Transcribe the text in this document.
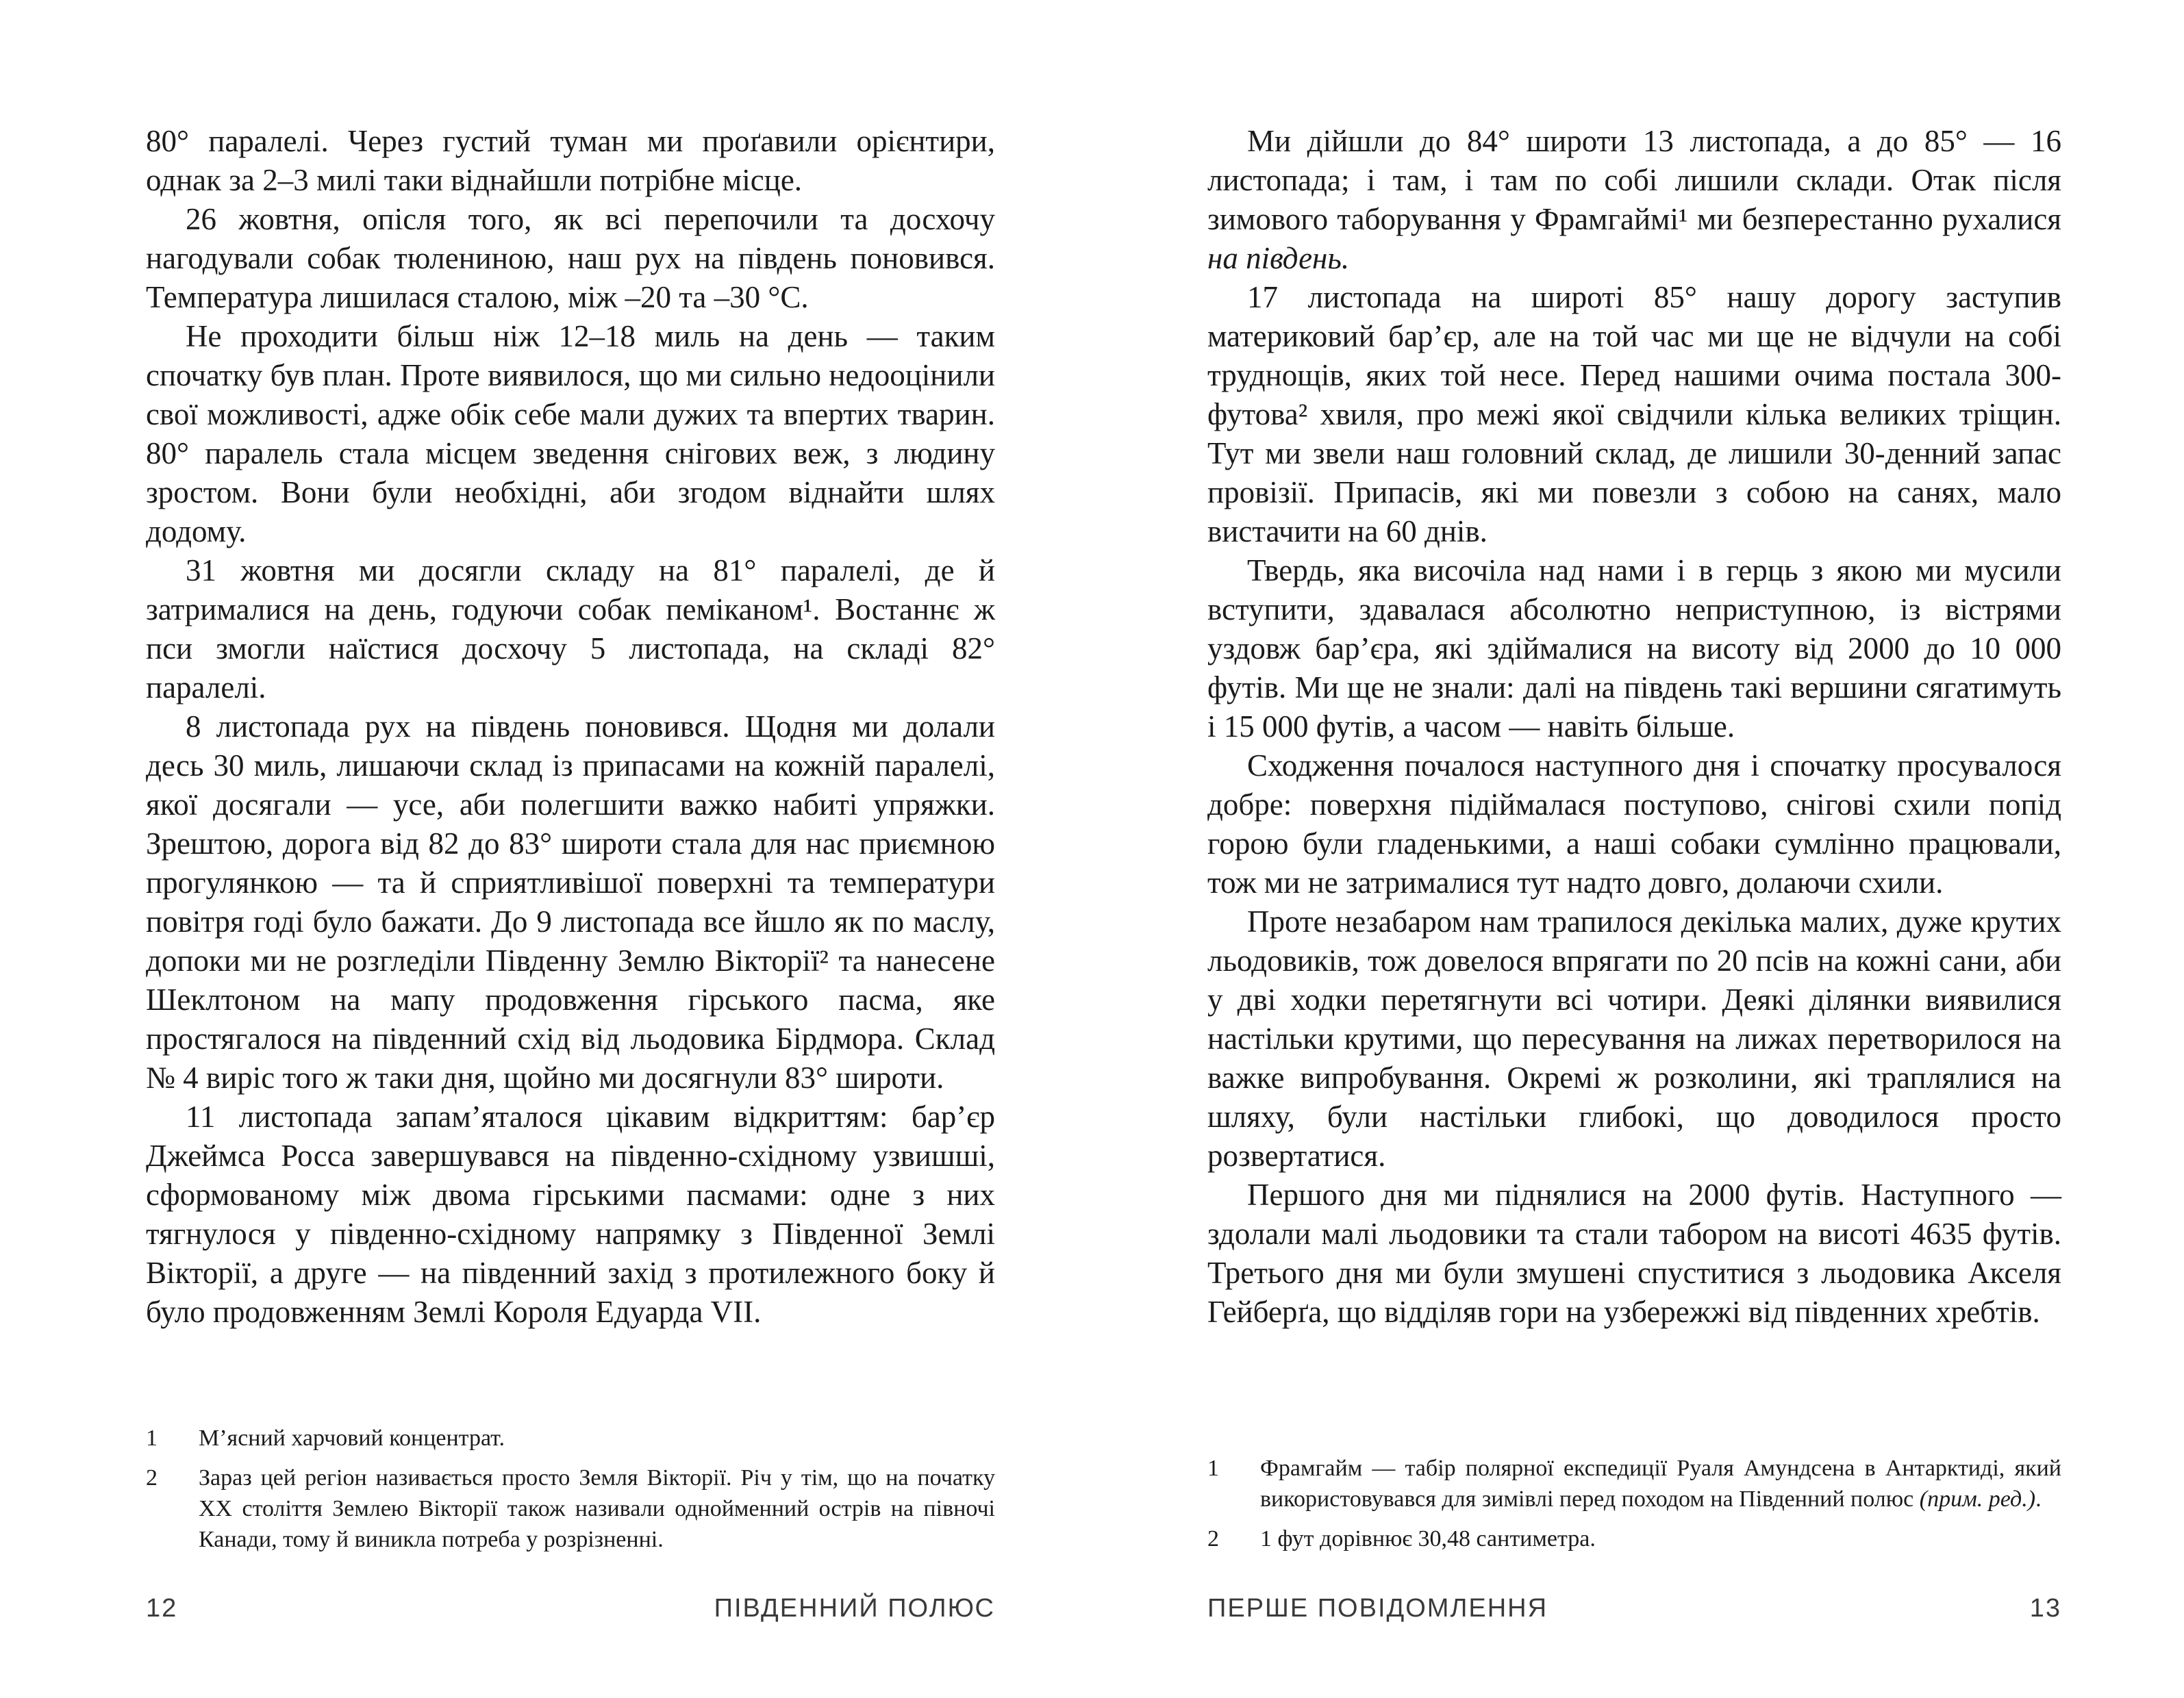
80° паралелі. Через густий туман ми проґавили орієнтири, однак за 2–3 милі таки віднайшли потрібне місце.

26 жовтня, опісля того, як всі перепочили та досхочу нагодували собак тюлениною, наш рух на південь поновився. Температура лишилася сталою, між –20 та –30 °С.

Не проходити більш ніж 12–18 миль на день — таким спочатку був план. Проте виявилося, що ми сильно недооцінили свої можливості, адже обік себе мали дужих та впертих тварин. 80° паралель стала місцем зведення снігових веж, з людину зростом. Вони були необхідні, аби згодом віднайти шлях додому.

31 жовтня ми досягли складу на 81° паралелі, де й затрималися на день, годуючи собак пеміканом¹. Востаннє ж пси змогли наїстися досхочу 5 листопада, на складі 82° паралелі.

8 листопада рух на південь поновився. Щодня ми долали десь 30 миль, лишаючи склад із припасами на кожній паралелі, якої досягали — усе, аби полегшити важко набиті упряжки. Зрештою, дорога від 82 до 83° широти стала для нас приємною прогулянкою — та й сприятливішої поверхні та температури повітря годі було бажати. До 9 листопада все йшло як по маслу, допоки ми не розгледіли Південну Землю Вікторії² та нанесене Шеклтоном на мапу продовження гірського пасма, яке простягалося на південний схід від льодовика Бірдмора. Склад № 4 виріс того ж таки дня, щойно ми досягнули 83° широти.

11 листопада запам’яталося цікавим відкриттям: бар’єр Джеймса Росса завершувався на південно-східному узвишші, сформованому між двома гірськими пасмами: одне з них тягнулося у південно-східному напрямку з Південної Землі Вікторії, а друге — на південний захід з протилежного боку й було продовженням Землі Короля Едуарда VII.

1	М’ясний харчовий концентрат.
2	Зараз цей регіон називається просто Земля Вікторії. Річ у тім, що на початку ХХ століття Землею Вікторії також називали однойменний острів на півночі Канади, тому й виникла потреба у розрізненні.
12	ПІВДЕННИЙ ПОЛЮС

Ми дійшли до 84° широти 13 листопада, а до 85° — 16 листопада; і там, і там по собі лишили склади. Отак після зимового таборування у Фрамгаймі¹ ми безперестанно рухалися на південь.

17 листопада на широті 85° нашу дорогу заступив материковий бар’єр, але на той час ми ще не відчули на собі труднощів, яких той несе. Перед нашими очима постала 300-футова² хвиля, про межі якої свідчили кілька великих тріщин. Тут ми звели наш головний склад, де лишили 30-денний запас провізії. Припасів, які ми повезли з собою на санях, мало вистачити на 60 днів.

Твердь, яка височіла над нами і в герць з якою ми мусили вступити, здавалася абсолютно неприступною, із вістрями уздовж бар’єра, які здіймалися на висоту від 2000 до 10 000 футів. Ми ще не знали: далі на південь такі вершини сягатимуть і 15 000 футів, а часом — навіть більше.

Сходження почалося наступного дня і спочатку просувалося добре: поверхня підіймалася поступово, снігові схили попід горою були гладенькими, а наші собаки сумлінно працювали, тож ми не затрималися тут надто довго, долаючи схили.

Проте незабаром нам трапилося декілька малих, дуже крутих льодовиків, тож довелося впрягати по 20 псів на кожні сани, аби у дві ходки перетягнути всі чотири. Деякі ділянки виявилися настільки крутими, що пересування на лижах перетворилося на важке випробування. Окремі ж розколини, які траплялися на шляху, були настільки глибокі, що доводилося просто розвертатися.

Першого дня ми піднялися на 2000 футів. Наступного — здолали малі льодовики та стали табором на висоті 4635 футів. Третього дня ми були змушені спуститися з льодовика Акселя Гейберґа, що відділяв гори на узбережжі від південних хребтів.

1	Фрамгайм — табір полярної експедиції Руаля Амундсена в Антарктиді, який використовувався для зимівлі перед походом на Південний полюс (прим. ред.).
2	1 фут дорівнює 30,48 сантиметра.
ПЕРШЕ ПОВІДОМЛЕННЯ	13
